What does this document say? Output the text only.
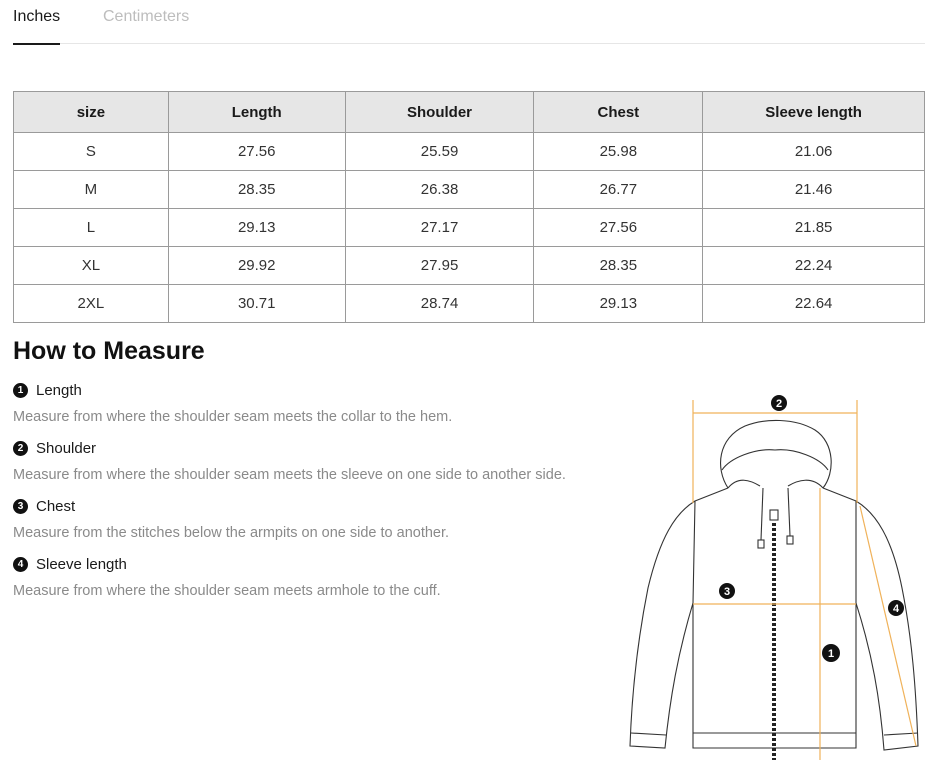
Inches	Centimeters
size	Length	Shoulder	Chest	Sleeve length
S	27.56	25.59	25.98	21.06
M	28.35	26.38	26.77	21.46
L	29.13	27.17	27.56	21.85
XL	29.92	27.95	28.35	22.24
2XL	30.71	28.74	29.13	22.64
How to Measure
1 Length
Measure from where the shoulder seam meets the collar to the hem.
2 Shoulder
Measure from where the shoulder seam meets the sleeve on one side to another side.
3 Chest
Measure from the stitches below the armpits on one side to another.
4 Sleeve length
Measure from where the shoulder seam meets armhole to the cuff.
2
3
1
4
